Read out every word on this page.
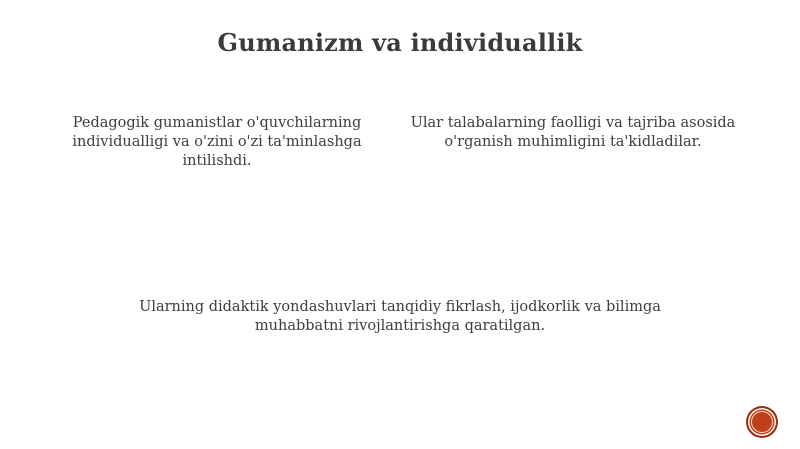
Gumanizm va individuallik
Pedagogik gumanistlar o'quvchilarning individualligi va o'zini o'zi ta'minlashga intilishdi.
Ular talabalarning faolligi va tajriba asosida o'rganish muhimligini ta'kidladilar.
Ularning didaktik yondashuvlari tanqidiy fikrlash, ijodkorlik va bilimga muhabbatni rivojlantirishga qaratilgan.
